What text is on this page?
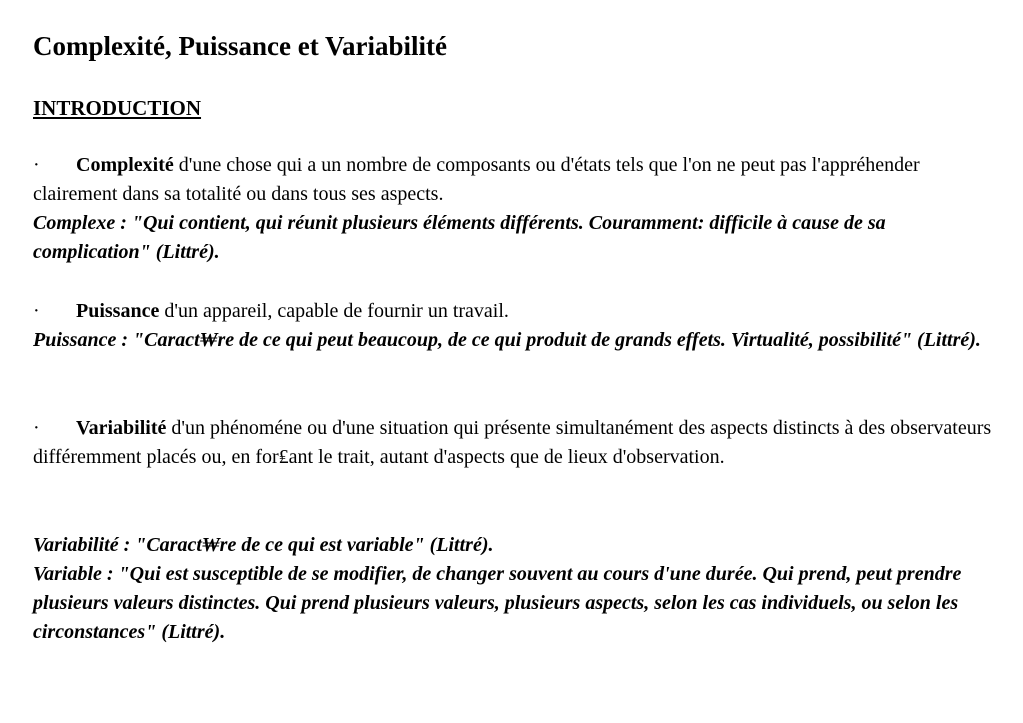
Complexité, Puissance et Variabilité
INTRODUCTION

· Complexité d'une chose qui a un nombre de composants ou d'états tels que l'on ne peut pas l'appréhender clairement dans sa totalité ou dans tous ses aspects.

Complexe : "Qui contient, qui réunit plusieurs éléments différents. Couramment: difficile à cause de sa complication" (Littré).

· Puissance d'un appareil, capable de fournir un travail.

Puissance : "Caract₩re de ce qui peut beaucoup, de ce qui produit de grands effets. Virtualité, possibilité" (Littré).

· Variabilité d'un phénoméne ou d'une situation qui présente simultanément des aspects distincts à des observateurs différemment placés ou, en for₤ant le trait, autant d'aspects que de lieux d'observation.

Variabilité : "Caract₩re de ce qui est variable" (Littré).

Variable : "Qui est susceptible de se modifier, de changer souvent au cours d'une durée. Qui prend, peut prendre plusieurs valeurs distinctes. Qui prend plusieurs valeurs, plusieurs aspects, selon les cas individuels, ou selon les circonstances" (Littré).
